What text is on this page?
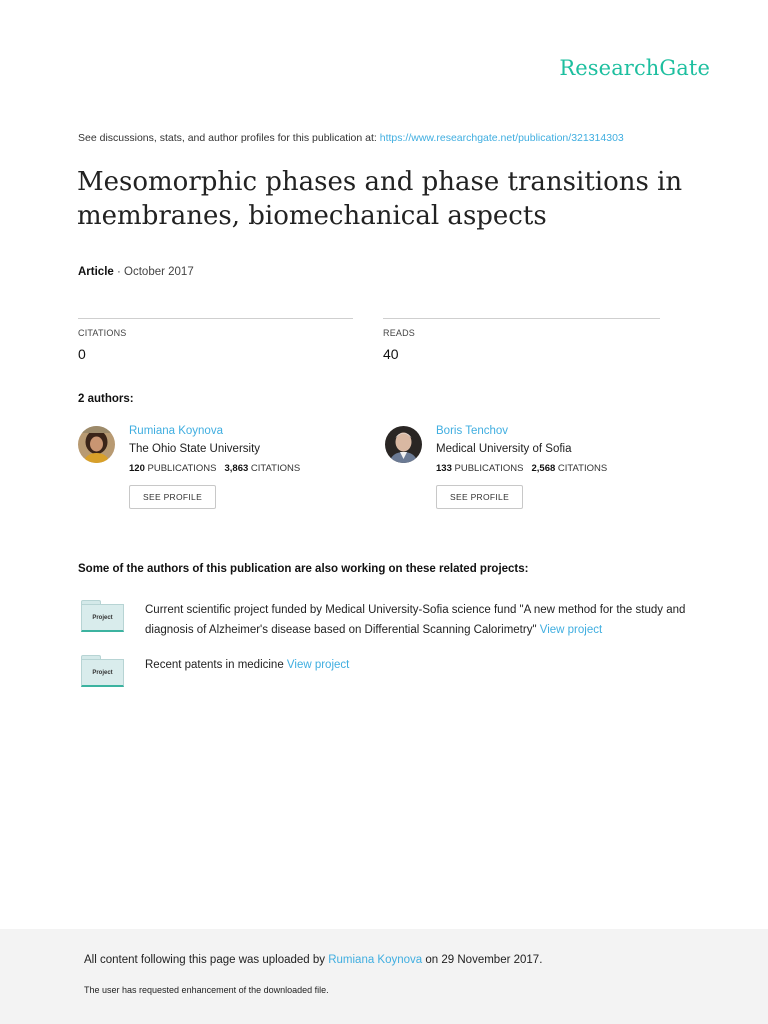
ResearchGate
See discussions, stats, and author profiles for this publication at: https://www.researchgate.net/publication/321314303
Mesomorphic phases and phase transitions in membranes, biomechanical aspects
Article · October 2017
CITATIONS
0
READS
40
2 authors:
Rumiana Koynova
The Ohio State University
120 PUBLICATIONS 3,863 CITATIONS
SEE PROFILE
Boris Tenchov
Medical University of Sofia
133 PUBLICATIONS 2,568 CITATIONS
SEE PROFILE
Some of the authors of this publication are also working on these related projects:
Project
Current scientific project funded by Medical University-Sofia science fund "A new method for the study and diagnosis of Alzheimer's disease based on Differential Scanning Calorimetry" View project
Project
Recent patents in medicine View project
All content following this page was uploaded by Rumiana Koynova on 29 November 2017.
The user has requested enhancement of the downloaded file.
